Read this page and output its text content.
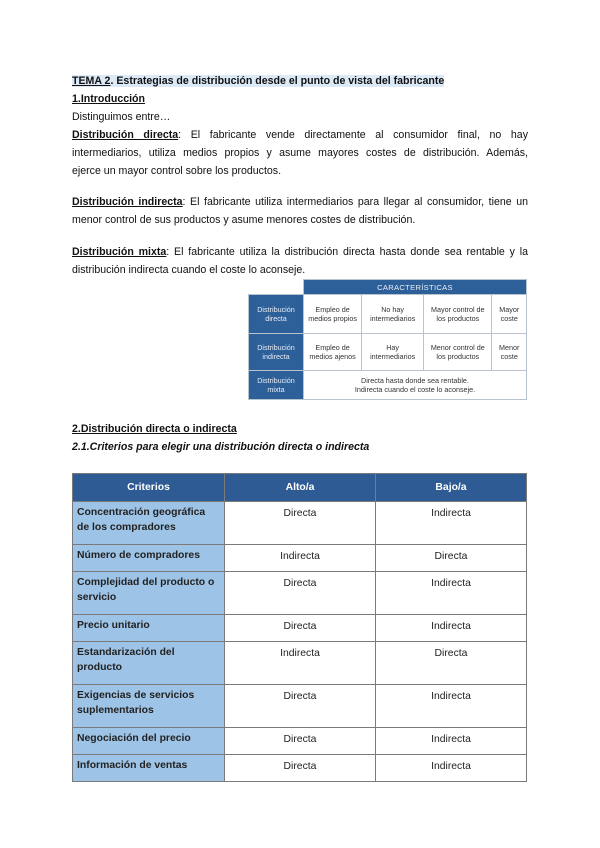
TEMA 2. Estrategias de distribución desde el punto de vista del fabricante
1.Introducción
Distinguimos entre…
Distribución directa: El fabricante vende directamente al consumidor final, no hay
intermediarios, utiliza medios propios y asume mayores costes de distribución. Además,
ejerce un mayor control sobre los productos.
Distribución indirecta: El fabricante utiliza intermediarios para llegar al consumidor, tiene un
menor control de sus productos y asume menores costes de distribución.
Distribución mixta: El fabricante utiliza la distribución directa hasta donde sea rentable y la
distribución indirecta cuando el coste lo aconseje.
	CARACTERÍSTICAS			
Distribución directa	Empleo de medios propios	No hay intermediarios	Mayor control de los productos	Mayor coste
Distribución indirecta	Empleo de medios ajenos	Hay intermediarios	Menor control de los productos	Menor coste
Distribución mixta	Directa hasta donde sea rentable.
Indirecta cuando el coste lo aconseje.			
2.Distribución directa o indirecta
2.1.Criterios para elegir una distribución directa o indirecta
Criterios	Alto/a	Bajo/a
Concentración geográfica de los compradores	Directa	Indirecta
Número de compradores	Indirecta	Directa
Complejidad del producto o servicio	Directa	Indirecta
Precio unitario	Directa	Indirecta
Estandarización del producto	Indirecta	Directa
Exigencias de servicios suplementarios	Directa	Indirecta
Negociación del precio	Directa	Indirecta
Información de ventas	Directa	Indirecta
